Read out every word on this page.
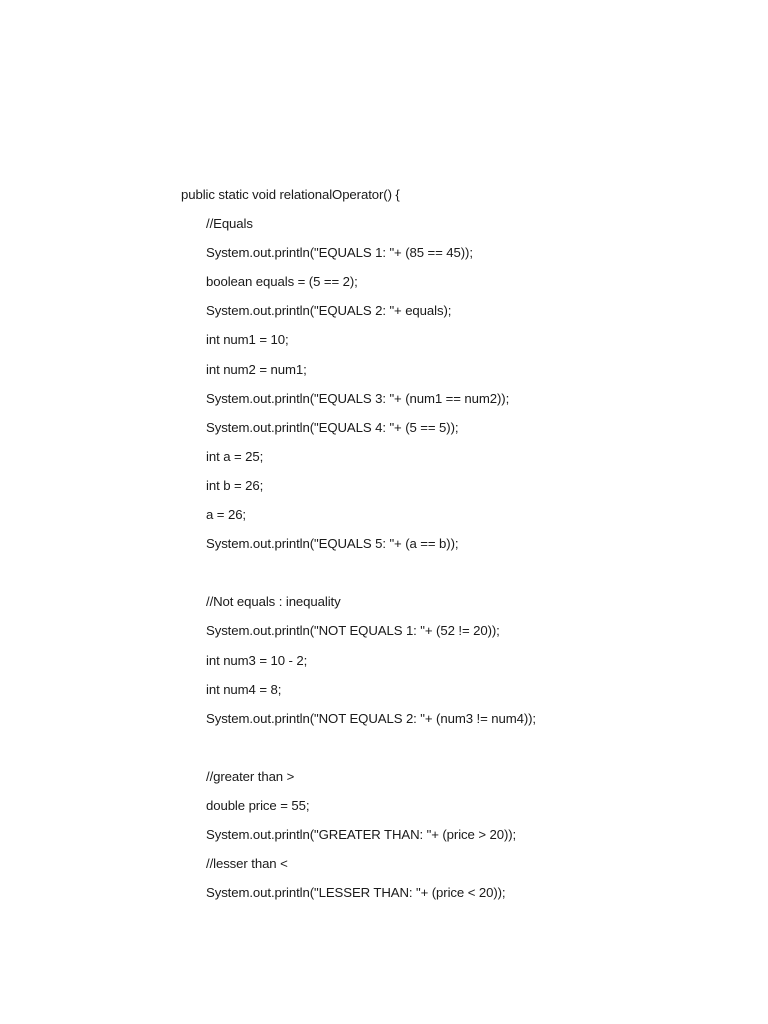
public static void relationalOperator() {
//Equals
System.out.println("EQUALS 1: "+ (85 == 45));
boolean equals = (5 == 2);
System.out.println("EQUALS 2: "+ equals);
int num1 = 10;
int num2 = num1;
System.out.println("EQUALS 3: "+ (num1 == num2));
System.out.println("EQUALS 4: "+ (5 == 5));
int a = 25;
int b = 26;
a = 26;
System.out.println("EQUALS 5: "+ (a == b));
//Not equals : inequality
System.out.println("NOT EQUALS 1: "+ (52 != 20));
int num3 = 10 - 2;
int num4 = 8;
System.out.println("NOT EQUALS 2: "+ (num3 != num4));
//greater than >
double price = 55;
System.out.println("GREATER THAN: "+ (price > 20));
//lesser than <
System.out.println("LESSER THAN: "+ (price < 20));
